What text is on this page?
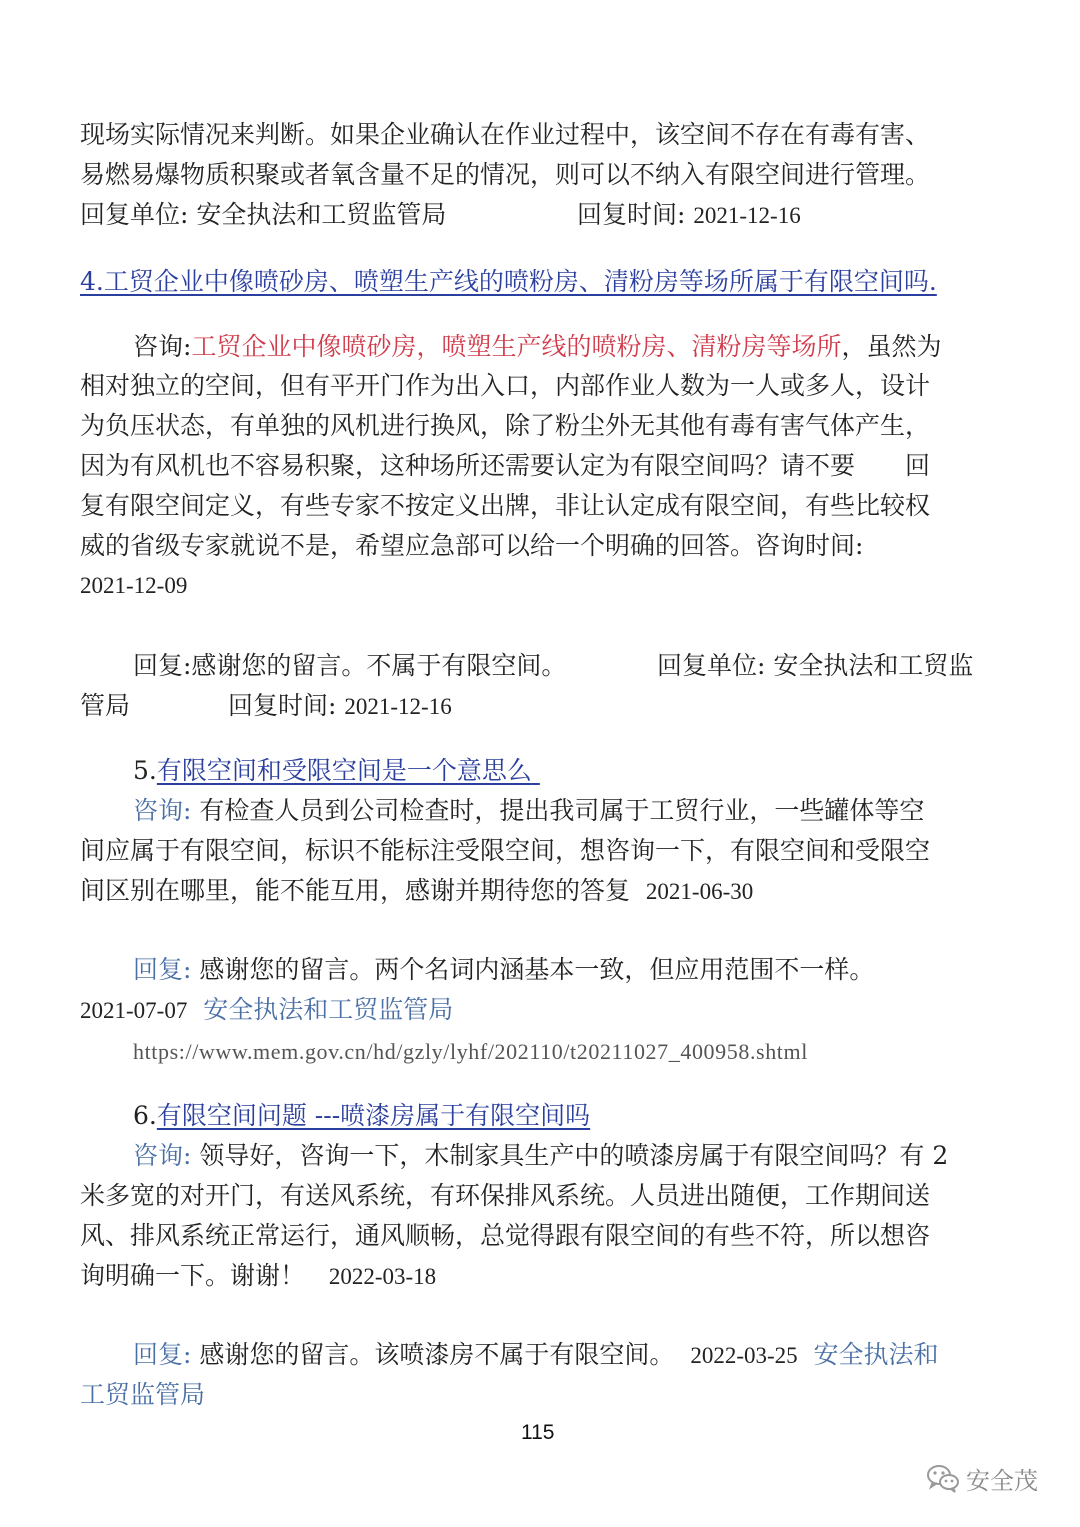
现场实际情况来判断。如果企业确认在作业过程中，该空间不存在有毒有害、
易燃易爆物质积聚或者氧含量不足的情况，则可以不纳入有限空间进行管理。
回复单位: 安全执法和工贸监管局	回复时间: 2021-12-16
4.工贸企业中像喷砂房、喷塑生产线的喷粉房、清粉房等场所属于有限空间吗.
咨询:工贸企业中像喷砂房，喷塑生产线的喷粉房、清粉房等场所，虽然为
相对独立的空间，但有平开门作为出入口，内部作业人数为一人或多人，设计
为负压状态，有单独的风机进行换风，除了粉尘外无其他有毒有害气体产生，
因为有风机也不容易积聚，这种场所还需要认定为有限空间吗？请不要　　回
复有限空间定义，有些专家不按定义出牌，非让认定成有限空间，有些比较权
威的省级专家就说不是，希望应急部可以给一个明确的回答。咨询时间:
2021-12-09
回复:感谢您的留言。不属于有限空间。	回复单位: 安全执法和工贸监
管局	回复时间: 2021-12-16
5.有限空间和受限空间是一个意思么
咨询: 有检查人员到公司检查时，提出我司属于工贸行业，一些罐体等空
间应属于有限空间，标识不能标注受限空间，想咨询一下，有限空间和受限空
间区别在哪里，能不能互用，感谢并期待您的答复 2021-06-30
回复: 感谢您的留言。两个名词内涵基本一致，但应用范围不一样。
2021-07-07 安全执法和工贸监管局
https://www.mem.gov.cn/hd/gzly/lyhf/202110/t20211027_400958.shtml
6.有限空间问题 ---喷漆房属于有限空间吗
咨询: 领导好，咨询一下，木制家具生产中的喷漆房属于有限空间吗？有 2
米多宽的对开门，有送风系统，有环保排风系统。人员进出随便，工作期间送
风、排风系统正常运行，通风顺畅，总觉得跟有限空间的有些不符，所以想咨
询明确一下。谢谢！ 2022-03-18
回复: 感谢您的留言。该喷漆房不属于有限空间。 2022-03-25 安全执法和
工贸监管局
115
安全茂
